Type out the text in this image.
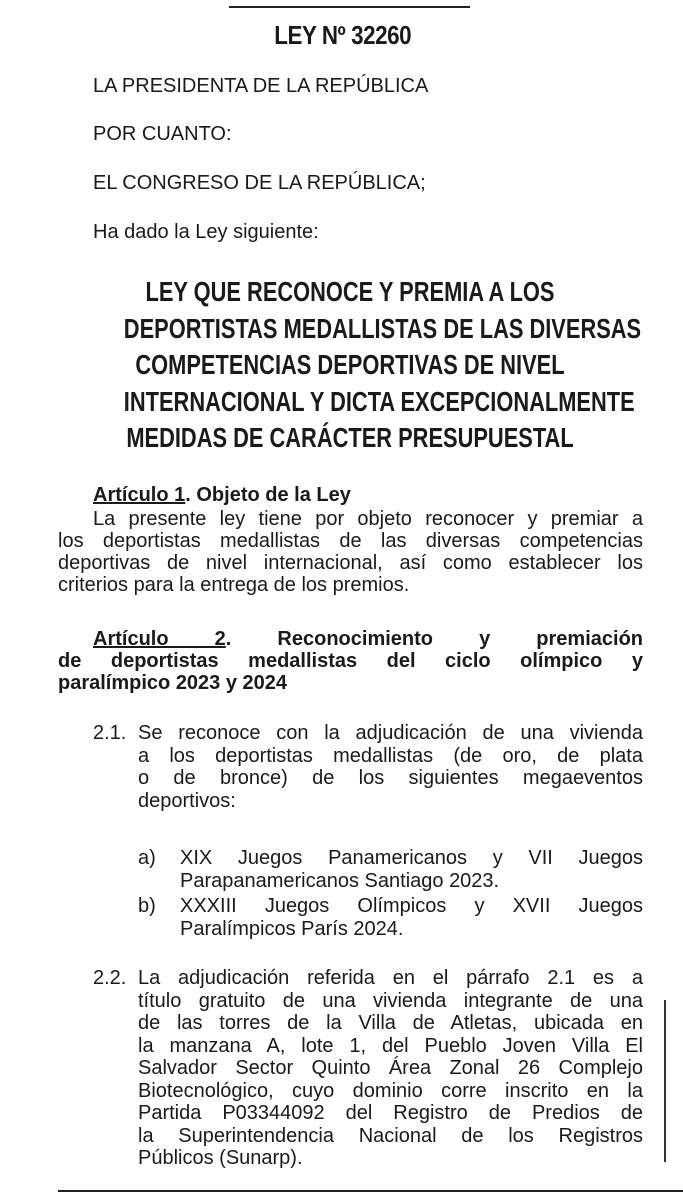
LEY Nº 32260
LA PRESIDENTA DE LA REPÚBLICA
POR CUANTO:
EL CONGRESO DE LA REPÚBLICA;
Ha dado la Ley siguiente:
LEY QUE RECONOCE Y PREMIA A LOS
DEPORTISTAS MEDALLISTAS DE LAS DIVERSAS
COMPETENCIAS DEPORTIVAS DE NIVEL
INTERNACIONAL Y DICTA EXCEPCIONALMENTE
MEDIDAS DE CARÁCTER PRESUPUESTAL
Artículo 1. Objeto de la Ley
La presente ley tiene por objeto reconocer y premiar a
los deportistas medallistas de las diversas competencias
deportivas de nivel internacional, así como establecer los
criterios para la entrega de los premios.
Artículo 2. Reconocimiento y premiación
de deportistas medallistas del ciclo olímpico y
paralímpico 2023 y 2024
2.1. Se reconoce con la adjudicación de una vivienda
a los deportistas medallistas (de oro, de plata
o de bronce) de los siguientes megaeventos
deportivos:
a) XIX Juegos Panamericanos y VII Juegos
Parapanamericanos Santiago 2023.
b) XXXIII Juegos Olímpicos y XVII Juegos
Paralímpicos París 2024.
2.2. La adjudicación referida en el párrafo 2.1 es a
título gratuito de una vivienda integrante de una
de las torres de la Villa de Atletas, ubicada en
la manzana A, lote 1, del Pueblo Joven Villa El
Salvador Sector Quinto Área Zonal 26 Complejo
Biotecnológico, cuyo dominio corre inscrito en la
Partida P03344092 del Registro de Predios de
la Superintendencia Nacional de los Registros
Públicos (Sunarp).
